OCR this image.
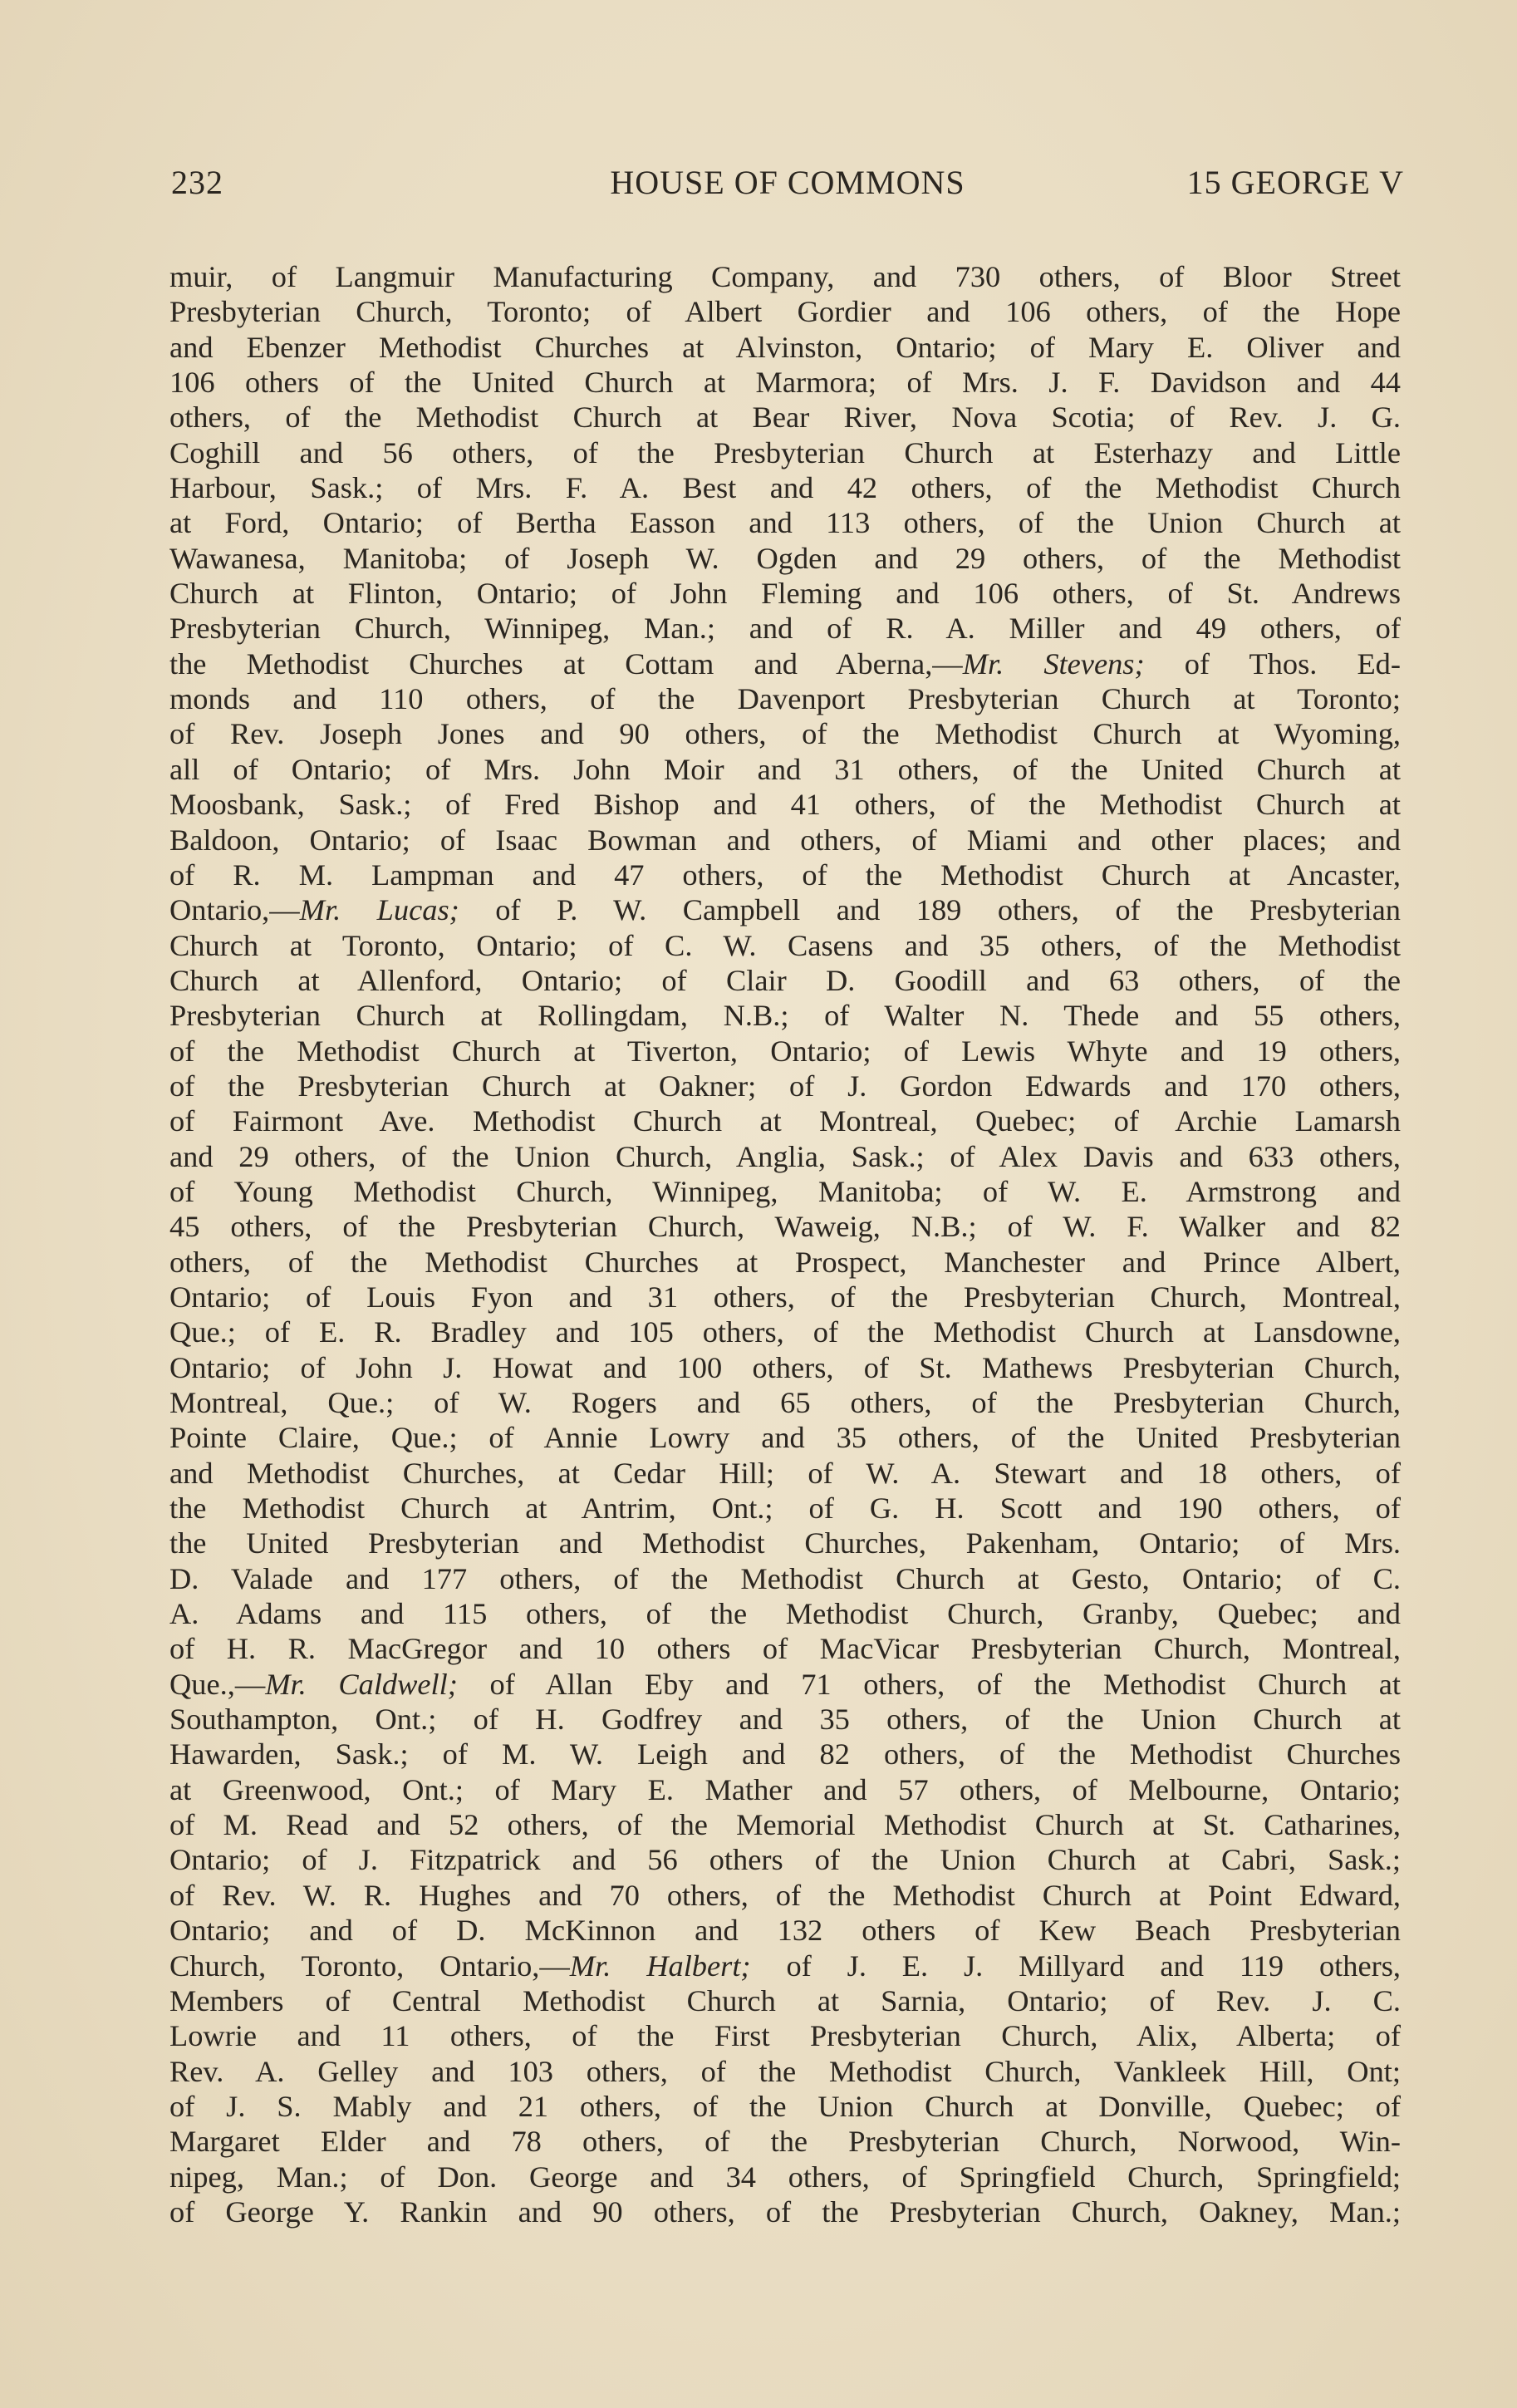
232	HOUSE OF COMMONS	15 GEORGE V
muir, of Langmuir Manufacturing Company, and 730 others, of Bloor Street
Presbyterian Church, Toronto; of Albert Gordier and 106 others, of the Hope
and Ebenzer Methodist Churches at Alvinston, Ontario; of Mary E. Oliver and
106 others of the United Church at Marmora; of Mrs. J. F. Davidson and 44
others, of the Methodist Church at Bear River, Nova Scotia; of Rev. J. G.
Coghill and 56 others, of the Presbyterian Church at Esterhazy and Little
Harbour, Sask.; of Mrs. F. A. Best and 42 others, of the Methodist Church
at Ford, Ontario; of Bertha Easson and 113 others, of the Union Church at
Wawanesa, Manitoba; of Joseph W. Ogden and 29 others, of the Methodist
Church at Flinton, Ontario; of John Fleming and 106 others, of St. Andrews
Presbyterian Church, Winnipeg, Man.; and of R. A. Miller and 49 others, of
the Methodist Churches at Cottam and Aberna,—Mr. Stevens; of Thos. Ed-
monds and 110 others, of the Davenport Presbyterian Church at Toronto;
of Rev. Joseph Jones and 90 others, of the Methodist Church at Wyoming,
all of Ontario; of Mrs. John Moir and 31 others, of the United Church at
Moosbank, Sask.; of Fred Bishop and 41 others, of the Methodist Church at
Baldoon, Ontario; of Isaac Bowman and others, of Miami and other places; and
of R. M. Lampman and 47 others, of the Methodist Church at Ancaster,
Ontario,—Mr. Lucas; of P. W. Campbell and 189 others, of the Presbyterian
Church at Toronto, Ontario; of C. W. Casens and 35 others, of the Methodist
Church at Allenford, Ontario; of Clair D. Goodill and 63 others, of the
Presbyterian Church at Rollingdam, N.B.; of Walter N. Thede and 55 others,
of the Methodist Church at Tiverton, Ontario; of Lewis Whyte and 19 others,
of the Presbyterian Church at Oakner; of J. Gordon Edwards and 170 others,
of Fairmont Ave. Methodist Church at Montreal, Quebec; of Archie Lamarsh
and 29 others, of the Union Church, Anglia, Sask.; of Alex Davis and 633 others,
of Young Methodist Church, Winnipeg, Manitoba; of W. E. Armstrong and
45 others, of the Presbyterian Church, Waweig, N.B.; of W. F. Walker and 82
others, of the Methodist Churches at Prospect, Manchester and Prince Albert,
Ontario; of Louis Fyon and 31 others, of the Presbyterian Church, Montreal,
Que.; of E. R. Bradley and 105 others, of the Methodist Church at Lansdowne,
Ontario; of John J. Howat and 100 others, of St. Mathews Presbyterian Church,
Montreal, Que.; of W. Rogers and 65 others, of the Presbyterian Church,
Pointe Claire, Que.; of Annie Lowry and 35 others, of the United Presbyterian
and Methodist Churches, at Cedar Hill; of W. A. Stewart and 18 others, of
the Methodist Church at Antrim, Ont.; of G. H. Scott and 190 others, of
the United Presbyterian and Methodist Churches, Pakenham, Ontario; of Mrs.
D. Valade and 177 others, of the Methodist Church at Gesto, Ontario; of C.
A. Adams and 115 others, of the Methodist Church, Granby, Quebec; and
of H. R. MacGregor and 10 others of MacVicar Presbyterian Church, Montreal,
Que.,—Mr. Caldwell; of Allan Eby and 71 others, of the Methodist Church at
Southampton, Ont.; of H. Godfrey and 35 others, of the Union Church at
Hawarden, Sask.; of M. W. Leigh and 82 others, of the Methodist Churches
at Greenwood, Ont.; of Mary E. Mather and 57 others, of Melbourne, Ontario;
of M. Read and 52 others, of the Memorial Methodist Church at St. Catharines,
Ontario; of J. Fitzpatrick and 56 others of the Union Church at Cabri, Sask.;
of Rev. W. R. Hughes and 70 others, of the Methodist Church at Point Edward,
Ontario; and of D. McKinnon and 132 others of Kew Beach Presbyterian
Church, Toronto, Ontario,—Mr. Halbert; of J. E. J. Millyard and 119 others,
Members of Central Methodist Church at Sarnia, Ontario; of Rev. J. C.
Lowrie and 11 others, of the First Presbyterian Church, Alix, Alberta; of
Rev. A. Gelley and 103 others, of the Methodist Church, Vankleek Hill, Ont;
of J. S. Mably and 21 others, of the Union Church at Donville, Quebec; of
Margaret Elder and 78 others, of the Presbyterian Church, Norwood, Win-
nipeg, Man.; of Don. George and 34 others, of Springfield Church, Springfield;
of George Y. Rankin and 90 others, of the Presbyterian Church, Oakney, Man.;
